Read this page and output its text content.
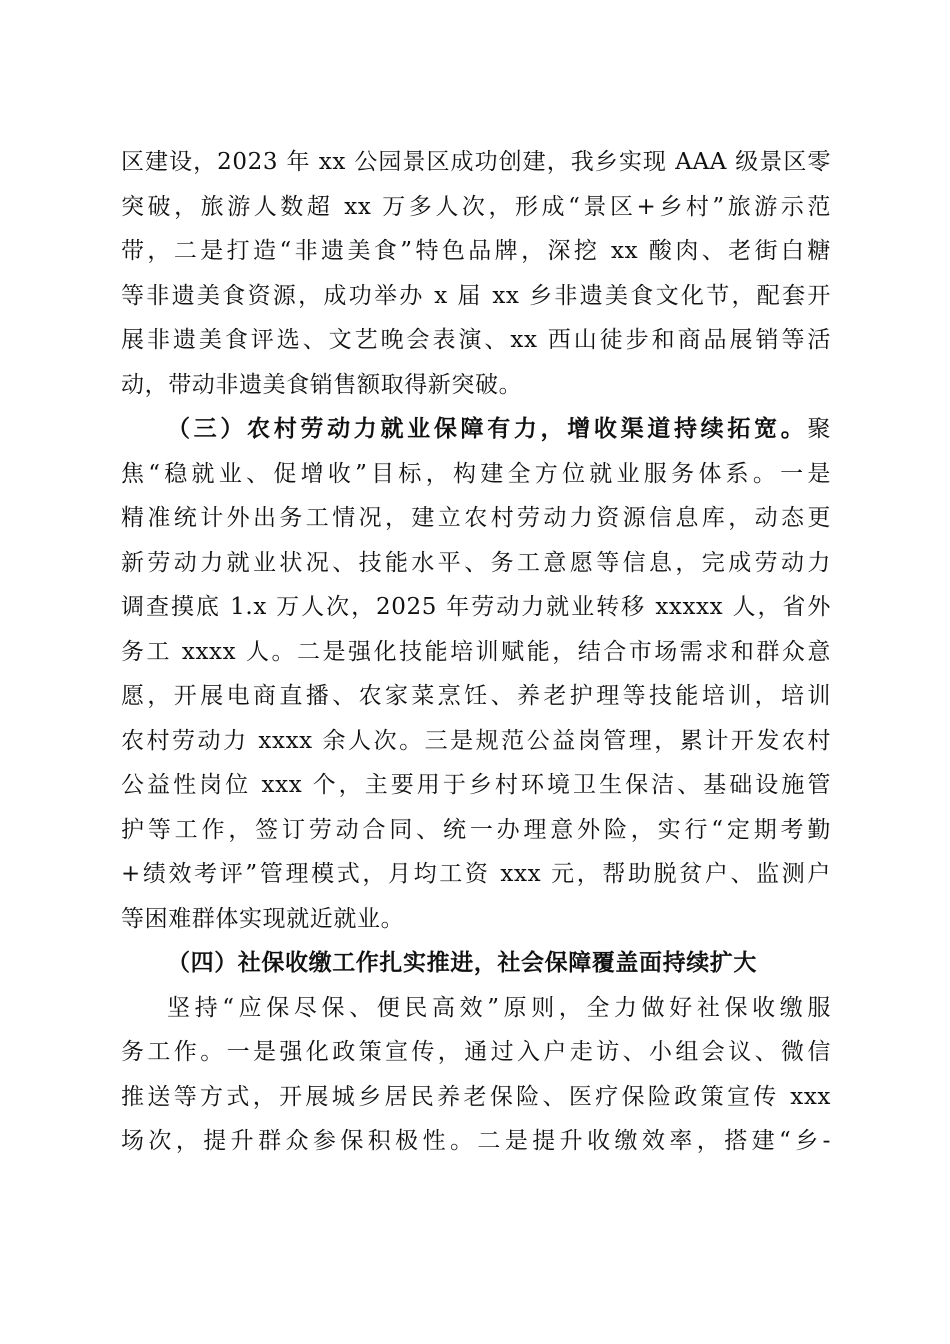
区建设，2023 年 xx 公园景区成功创建，我乡实现 AAA 级景区零
突破，旅游人数超 xx 万多人次，形成“景区+乡村”旅游示范
带，二是打造“非遗美食”特色品牌，深挖 xx 酸肉、老街白糖
等非遗美食资源，成功举办 x 届 xx 乡非遗美食文化节，配套开
展非遗美食评选、文艺晚会表演、xx 西山徒步和商品展销等活
动，带动非遗美食销售额取得新突破。
（三）农村劳动力就业保障有力，增收渠道持续拓宽。聚
焦“稳就业、促增收”目标，构建全方位就业服务体系。一是
精准统计外出务工情况，建立农村劳动力资源信息库，动态更
新劳动力就业状况、技能水平、务工意愿等信息，完成劳动力
调查摸底 1.x 万人次，2025 年劳动力就业转移 xxxxx 人，省外
务工 xxxx 人。二是强化技能培训赋能，结合市场需求和群众意
愿，开展电商直播、农家菜烹饪、养老护理等技能培训，培训
农村劳动力 xxxx 余人次。三是规范公益岗管理，累计开发农村
公益性岗位 xxx 个，主要用于乡村环境卫生保洁、基础设施管
护等工作，签订劳动合同、统一办理意外险，实行“定期考勤
+绩效考评”管理模式，月均工资 xxx 元，帮助脱贫户、监测户
等困难群体实现就近就业。
（四）社保收缴工作扎实推进，社会保障覆盖面持续扩大
坚持“应保尽保、便民高效”原则，全力做好社保收缴服
务工作。一是强化政策宣传，通过入户走访、小组会议、微信
推送等方式，开展城乡居民养老保险、医疗保险政策宣传 xxx
场次，提升群众参保积极性。二是提升收缴效率，搭建“乡-
